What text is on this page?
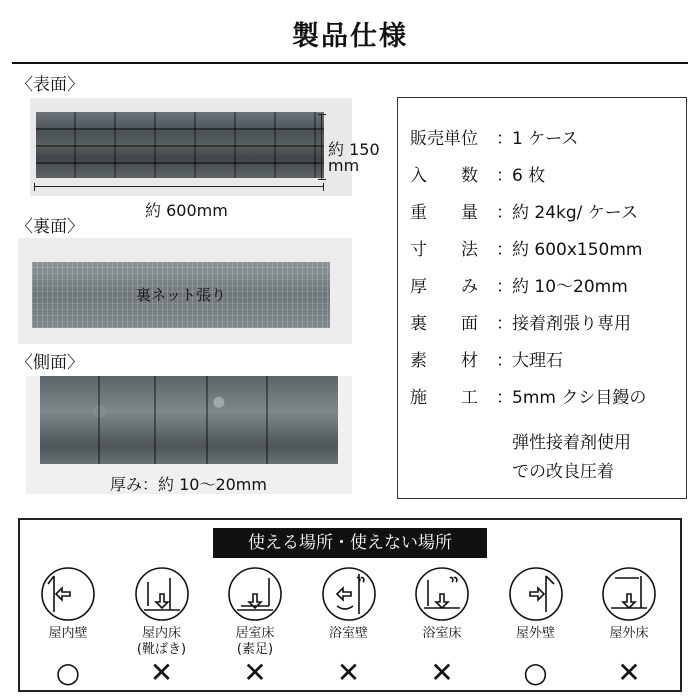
製品仕様
〈表面〉
約 150
mm
約 600mm
〈裏面〉
裏ネット張り
〈側面〉
厚み：約 10〜20mm
販売単位 ：1 ケース
入　　数 ：6 枚
重　　量 ：約 24kg/ ケース
寸　　法 ：約 600x150mm
厚　　み ：約 10〜20mm
裏　　面 ：接着剤張り専用
素　　材 ：大理石
施　　工 ：5mm クシ目鏝の
弾性接着剤使用
での改良圧着
使える場所・使えない場所
屋内壁
○
屋内床
(靴ばき)
✕
居室床
(素足)
✕
浴室壁
✕
浴室床
✕
屋外壁
○
屋外床
✕
